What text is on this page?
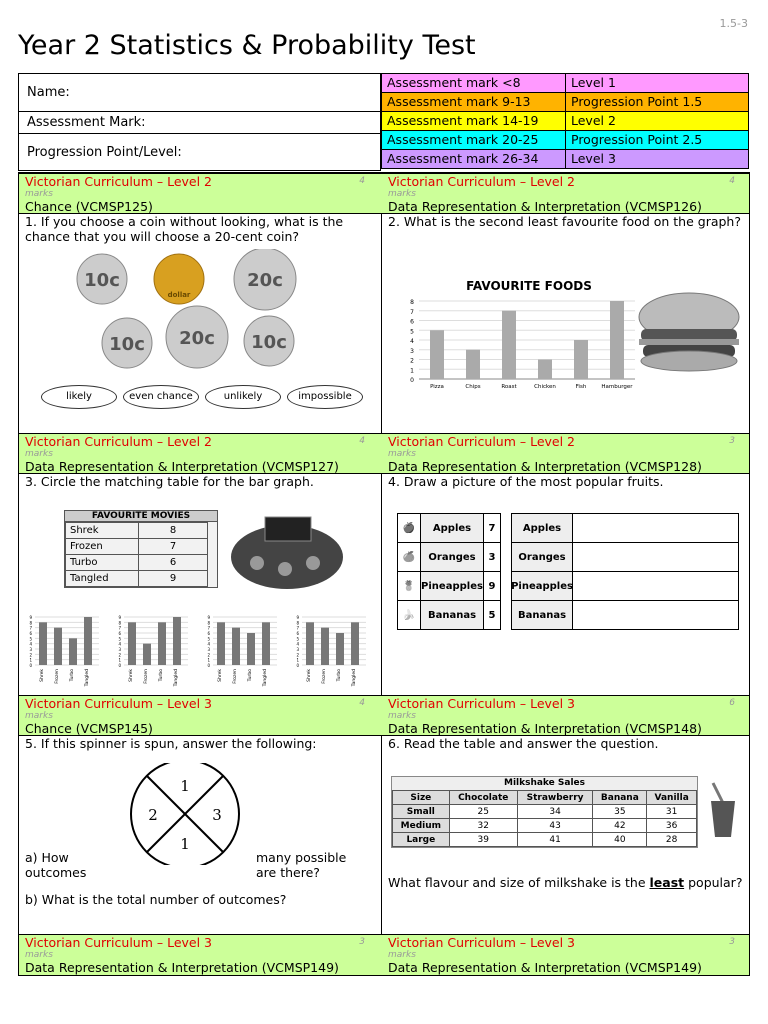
1.5-3
Year 2 Statistics & Probability Test
Name:
Assessment Mark:
Progression Point/Level:
Assessment mark <8	Level 1
Assessment mark 9-13	Progression Point 1.5
Assessment mark 14-19	Level 2
Assessment mark 20-25	Progression Point 2.5
Assessment mark 26-34	Level 3
Victorian Curriculum – Level 2	4
marks
Chance (VCMSP125)
Victorian Curriculum – Level 2	4
marks
Data Representation & Interpretation (VCMSP126)
1. If you choose a coin without looking, what is the chance that you will choose a 20-cent coin?
10c
dollar
20c
10c 20c 10c
likely	even chance	unlikely	impossible
2. What is the second least favourite food on the graph?
FAVOURITE FOODS
0
1
2
3
4
5
6
7
8
Pizza	Chips	Roast	Chicken	Fish	Hamburger
Victorian Curriculum – Level 2	4
marks
Data Representation & Interpretation (VCMSP127)
Victorian Curriculum – Level 2	3
marks
Data Representation & Interpretation (VCMSP128)
3. Circle the matching table for the bar graph.
FAVOURITE MOVIES
Shrek	8
Frozen	7
Turbo	6
Tangled	9
0
1
2
3
4
5
6
7
8
9
Shrek Frozen Turbo Tangled
0
1
2
3
4
5
6
7
8
9
Shrek Frozen Turbo Tangled
0
1
2
3
4
5
6
7
8
9
Shrek Frozen Turbo Tangled
0
1
2
3
4
5
6
7
8
9
Shrek Frozen Turbo Tangled
4. Draw a picture of the most popular fruits.
🍎	Apples	7
🍊	Oranges	3
🍍 Pineapples 9
🍌	Bananas	5
Apples
Oranges
Pineapples
Bananas
Victorian Curriculum – Level 3	4
marks
Chance (VCMSP145)
Victorian Curriculum – Level 3	6
marks
Data Representation & Interpretation (VCMSP148)
5. If this spinner is spun, answer the following:
1
3
1
2
a) How outcomes
many possible are there?
b) What is the total number of outcomes?
6. Read the table and answer the question.
Milkshake Sales
Size	Chocolate	Strawberry	Banana	Vanilla
Small	25	34	35	31
Medium	32	43	42	36
Large	39	41	40	28
What flavour and size of milkshake is the least popular?
Victorian Curriculum – Level 3	3
marks
Data Representation & Interpretation (VCMSP149)
Victorian Curriculum – Level 3	3
marks
Data Representation & Interpretation (VCMSP149)
